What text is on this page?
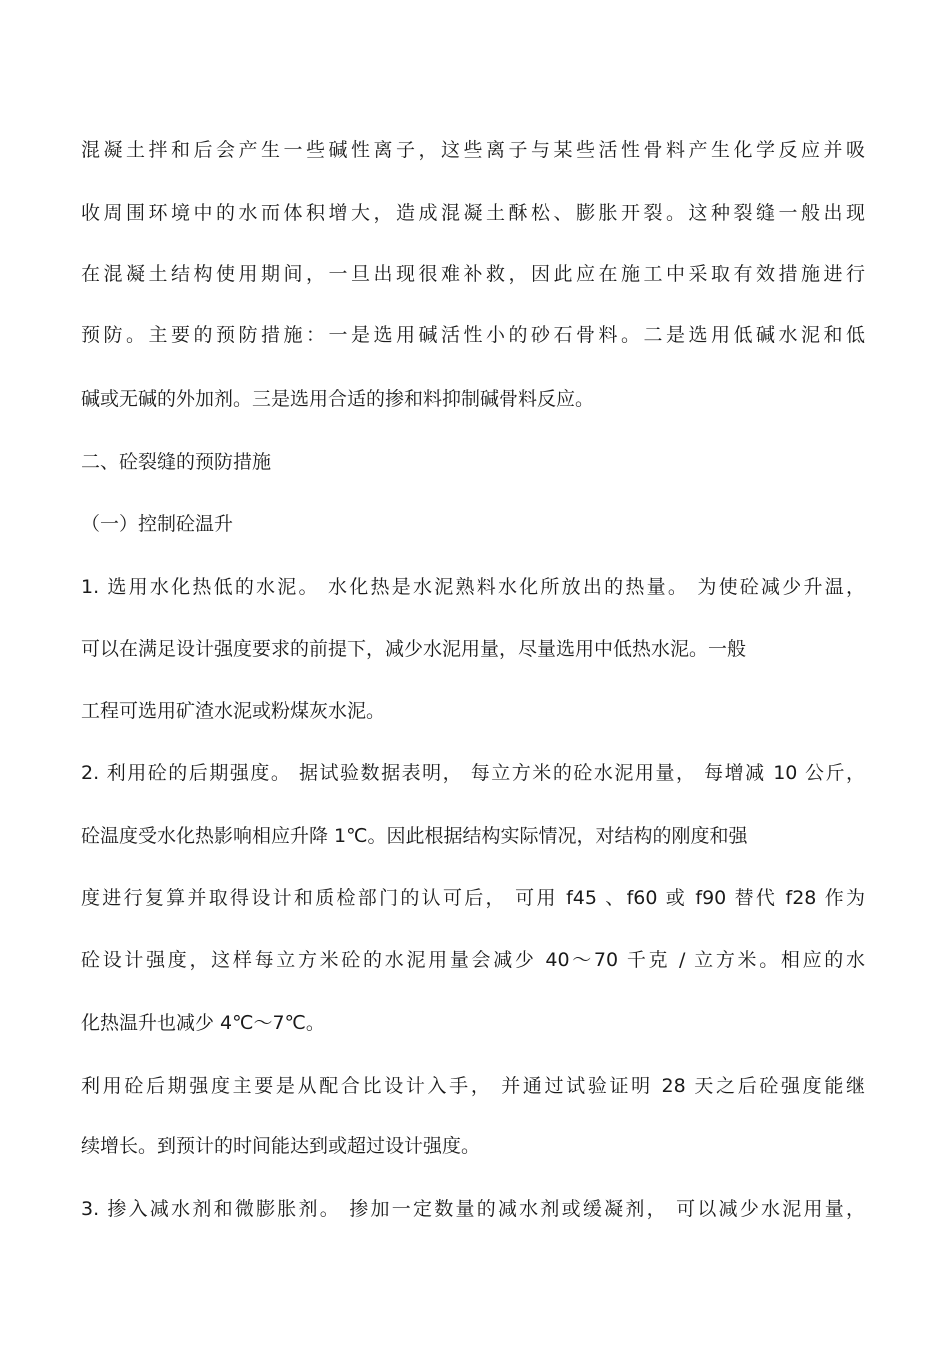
混凝土拌和后会产生一些碱性离子，这些离子与某些活性骨料产生化学反应并吸

收周围环境中的水而体积增大，造成混凝土酥松、膨胀开裂。这种裂缝一般出现

在混凝土结构使用期间，一旦出现很难补救，因此应在施工中采取有效措施进行

预防。主要的预防措施：一是选用碱活性小的砂石骨料。二是选用低碱水泥和低

碱或无碱的外加剂。三是选用合适的掺和料抑制碱骨料反应。

二、砼裂缝的预防措施

（一）控制砼温升

1. 选用水化热低的水泥。 水化热是水泥熟料水化所放出的热量。 为使砼减少升温，

可以在满足设计强度要求的前提下，减少水泥用量，尽量选用中低热水泥。一般

工程可选用矿渣水泥或粉煤灰水泥。

2. 利用砼的后期强度。 据试验数据表明， 每立方米的砼水泥用量， 每增减 10 公斤，

砼温度受水化热影响相应升降 1℃。因此根据结构实际情况，对结构的刚度和强

度进行复算并取得设计和质检部门的认可后， 可用 f45 、f60 或 f90 替代 f28 作为

砼设计强度，这样每立方米砼的水泥用量会减少 40～70 千克 / 立方米。相应的水

化热温升也减少 4℃～7℃。

利用砼后期强度主要是从配合比设计入手， 并通过试验证明 28 天之后砼强度能继

续增长。到预计的时间能达到或超过设计强度。

3. 掺入减水剂和微膨胀剂。 掺加一定数量的减水剂或缓凝剂， 可以减少水泥用量，
